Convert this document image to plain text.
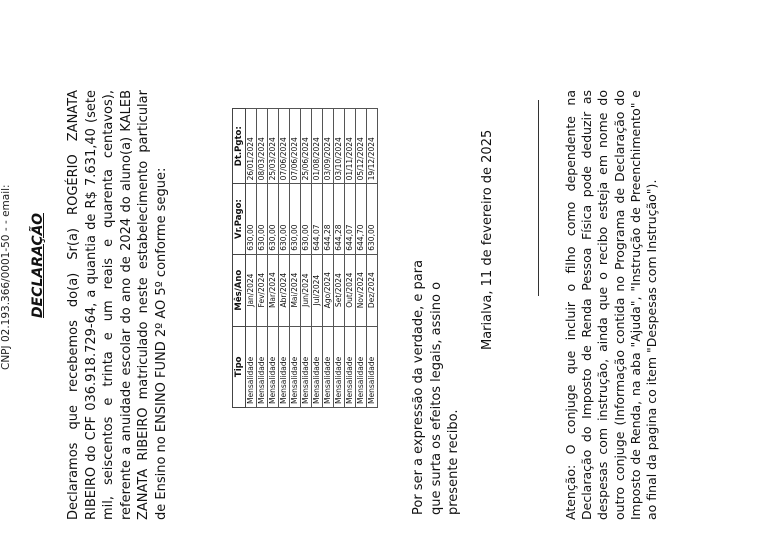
CNPJ 02.193.366/0001-50 - - email: DECLARAÇÃO Declaramos que recebemos do(a) Sr(a) ROGÉRIO ZANATA RIBEIRO do CPF 036.918.729-64, a quantia de R$ 7.631,40 (sete mil, seiscentos e trinta e um reais e quarenta centavos), referente a anuidade escolar do ano de 2024 do aluno(a) KALEB ZANATA RIBEIRO matriculado neste estabelecimento particular de Ensino no ENSINO FUND 2º AO 5º conforme segue:	Tipo	Mês/Ano	Vr.Pago:	Dt.Pgto:
Mensalidade	Jan/2024	630,00	26/01/2024
Mensalidade	Fev/2024	630,00	08/03/2024
Mensalidade	Mar/2024	630,00	25/03/2024
Mensalidade	Abr/2024	630,00	07/06/2024
Mensalidade	Mai/2024	630,00	07/06/2024
Mensalidade	Jun/2024	630,00	25/06/2024
Mensalidade	Jul/2024	644,07	01/08/2024
Mensalidade	Ago/2024	644,28	03/09/2024
Mensalidade	Set/2024	644,28	03/10/2024
Mensalidade	Out/2024	644,07	01/11/2024
Mensalidade	Nov/2024	644,70	05/12/2024
Mensalidade	Dez/2024	630,00	19/12/2024
Por ser a expressão da verdade, e para que surta os efeitos legais, assino o presente recibo.
Marialva, 11 de fevereiro de 2025	Atenção: O conjuge que incluir o filho como dependente na Declaração do Imposto de Renda Pessoa Física pode deduzir as despesas com instrução, ainda que o recibo esteja em nome do outro conjuge (Informação contida no Programa de Declaração do Imposto de Renda, na aba "Ajuda", "Instrução de Preenchimento" e ao final da pagina co item "Despesas com Instrução").
